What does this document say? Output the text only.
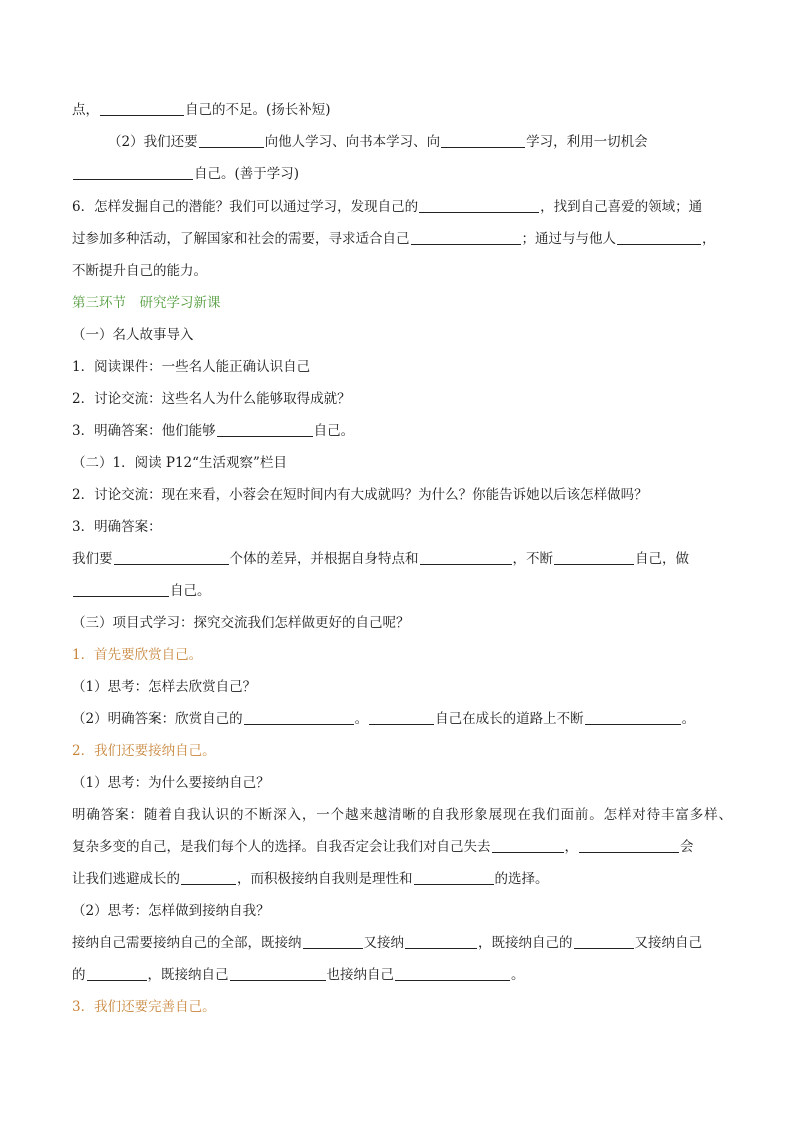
点，	自己的不足。(扬长补短)
（2）我们还要	向他人学习、向书本学习、向	学习，利用一切机会
自己。(善于学习)
6．怎样发掘自己的潜能？我们可以通过学习，发现自己的	，找到自己喜爱的领域；通
过参加多种活动，了解国家和社会的需要，寻求适合自己	；通过与与他人	，
不断提升自己的能力。
第三环节　研究学习新课
（一）名人故事导入
1．阅读课件：一些名人能正确认识自己
2．讨论交流：这些名人为什么能够取得成就？
3．明确答案：他们能够	自己。
（二）1．阅读 P12“生活观察”栏目
2．讨论交流：现在来看，小蓉会在短时间内有大成就吗？为什么？你能告诉她以后该怎样做吗？
3．明确答案：
我们要	个体的差异，并根据自身特点和	，不断	自己，做
自己。
（三）项目式学习：探究交流我们怎样做更好的自己呢？
1．首先要欣赏自己。
（1）思考：怎样去欣赏自己？
（2）明确答案：欣赏自己的	。	自己在成长的道路上不断	。
2．我们还要接纳自己。
（1）思考：为什么要接纳自己？
明确答案：随着自我认识的不断深入，一个越来越清晰的自我形象展现在我们面前。怎样对待丰富多样、
复杂多变的自己，是我们每个人的选择。自我否定会让我们对自己失去	，	会
让我们逃避成长的	，而积极接纳自我则是理性和	的选择。
（2）思考：怎样做到接纳自我？
接纳自己需要接纳自己的全部，既接纳	又接纳	，既接纳自己的	又接纳自己
的	，既接纳自己	也接纳自己	。
3．我们还要完善自己。
